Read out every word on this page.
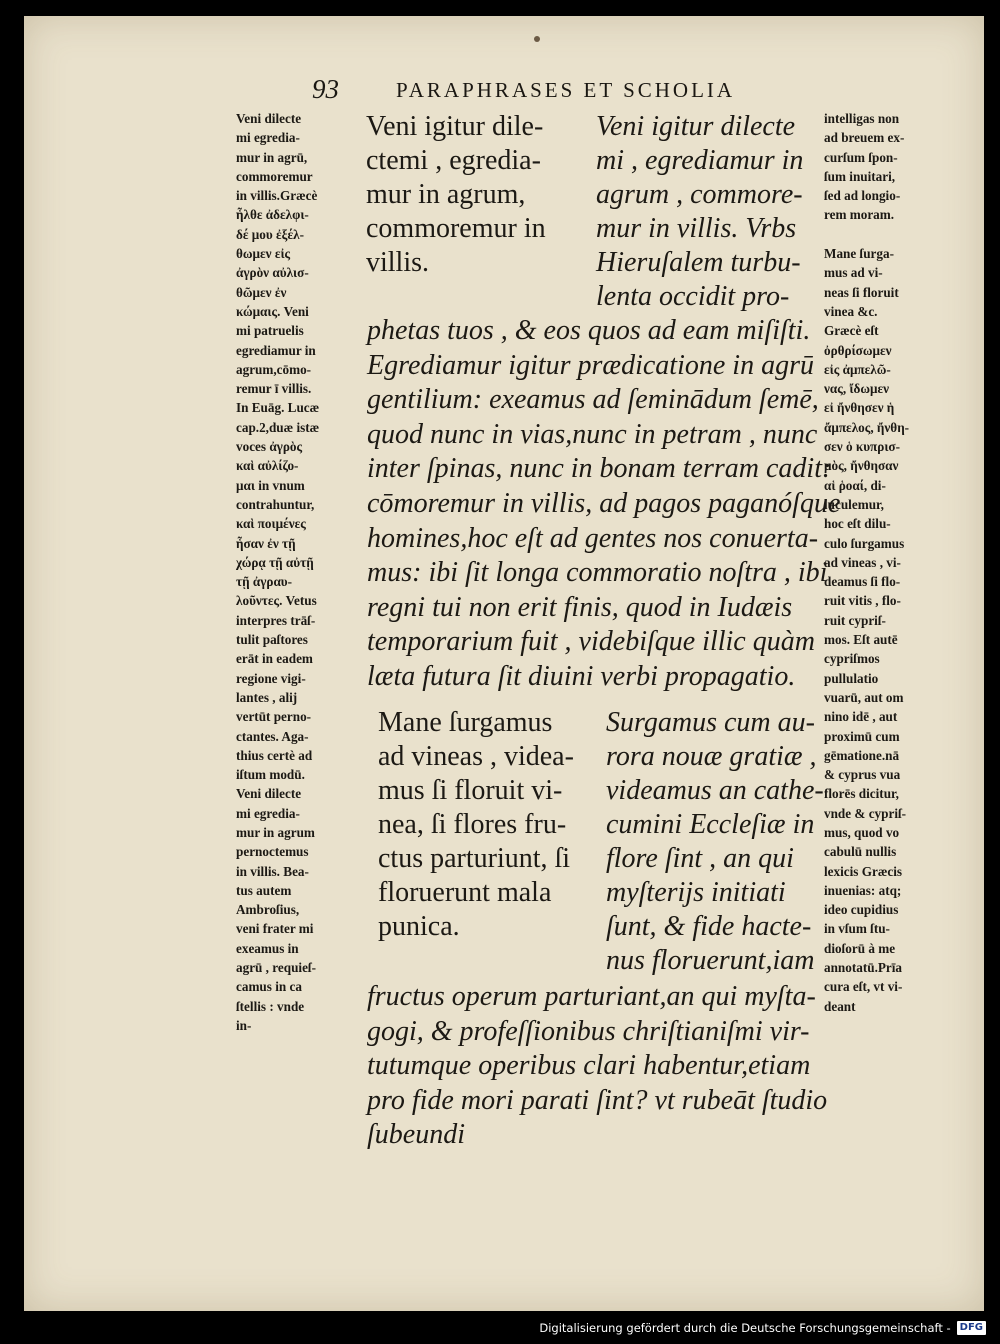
93	PARAPHRASES ET SCHOLIA
Veni dilecte
mi egredia-
mur in agrū,
commoremur
in villis.Græcè
ἦλθε ἀδελφι-
δέ μου ἐξέλ-
θωμεν εἰς
ἀγρὸν αὐλισ-
θῶμεν ἐν
κώμαις. Veni
mi patruelis
egrediamur in
agrum,cōmo-
remur ī villis.
In Euāg. Lucæ
cap.2,duæ istæ
voces ἀγρὸς
καὶ αὐλίζο-
μαι in vnum
contrahuntur,
καὶ ποιμένες
ἦσαν ἐν τῇ
χώρᾳ τῇ αὐτῇ
τῇ ἀγραυ-
λοῦντες. Vetus
interpres trāſ-
tulit paſtores
erāt in eadem
regione vigi-
lantes , alij
vertūt perno-
ctantes. Aga-
thius certè ad
iſtum modū.
Veni dilecte
mi egredia-
mur in agrum
pernoctemus
in villis. Bea-
tus autem
Ambroſius,
veni frater mi
exeamus in
agrū , requieſ-
camus in ca
ſtellis : vnde
in-
Veni igitur dile-
ctemi , egredia-
mur in agrum,
commoremur in
villis.
Veni igitur dilecte
mi , egrediamur in
agrum , commore-
mur in villis. Vrbs
Hieruſalem turbu-
lenta occidit pro-
phetas tuos , & eos quos ad eam miſiſti.
Egrediamur igitur prædicatione in agrū
gentilium: exeamus ad ſeminādum ſemē,
quod nunc in vias,nunc in petram , nunc
inter ſpinas, nunc in bonam terram cadit:
cōmoremur in villis, ad pagos paganóſque
homines,hoc eſt ad gentes nos conuerta-
mus: ibi ſit longa commoratio noſtra , ibi
regni tui non erit finis, quod in Iudæis
temporarium fuit , videbiſque illic quàm
læta futura ſit diuini verbi propagatio.
Mane ſurgamus
ad vineas , videa-
mus ſi floruit vi-
nea, ſi flores fru-
ctus parturiunt, ſi
floruerunt mala
punica.
Surgamus cum au-
rora nouæ gratiæ ,
videamus an cathe-
cumini Eccleſiæ in
flore ſint , an qui
myſterijs initiati
ſunt, & fide hacte-
nus floruerunt,iam
fructus operum parturiant,an qui myſta-
gogi, & profeſſionibus chriſtianiſmi vir-
tutumque operibus clari habentur,etiam
pro fide mori parati ſint? vt rubeāt ſtudio
ſubeundi
intelligas non
ad breuem ex-
curſum ſpon-
ſum inuitari,
ſed ad longio-
rem moram.

Mane ſurga-
mus ad vi-
neas ſi floruit
vinea &c.
Græcè eſt
ὀρθρίσωμεν
εἰς ἀμπελῶ-
νας, ἴδωμεν
εἰ ἤνθησεν ἡ
ἄμπελος, ἤνθη-
σεν ὁ κυπρισ-
μὸς, ἤνθησαν
αἱ ῥοαί, di-
luculemur,
hoc eſt dilu-
culo ſurgamus
ad vineas , vi-
deamus ſi flo-
ruit vitis , flo-
ruit cypriſ-
mos. Eſt autē
cypriſmos
pullulatio
vuarū, aut om
nino idē , aut
proximū cum
gēmatione.nā
& cyprus vua
florēs dicitur,
vnde & cypriſ-
mus, quod vo
cabulū nullis
lexicis Græcis
inuenias: atq;
ideo cupidius
in vſum ſtu-
dioſorū à me
annotatū.Prīa
cura eſt, vt vi-
deant
Digitalisierung gefördert durch die Deutsche Forschungsgemeinschaft - DFG
